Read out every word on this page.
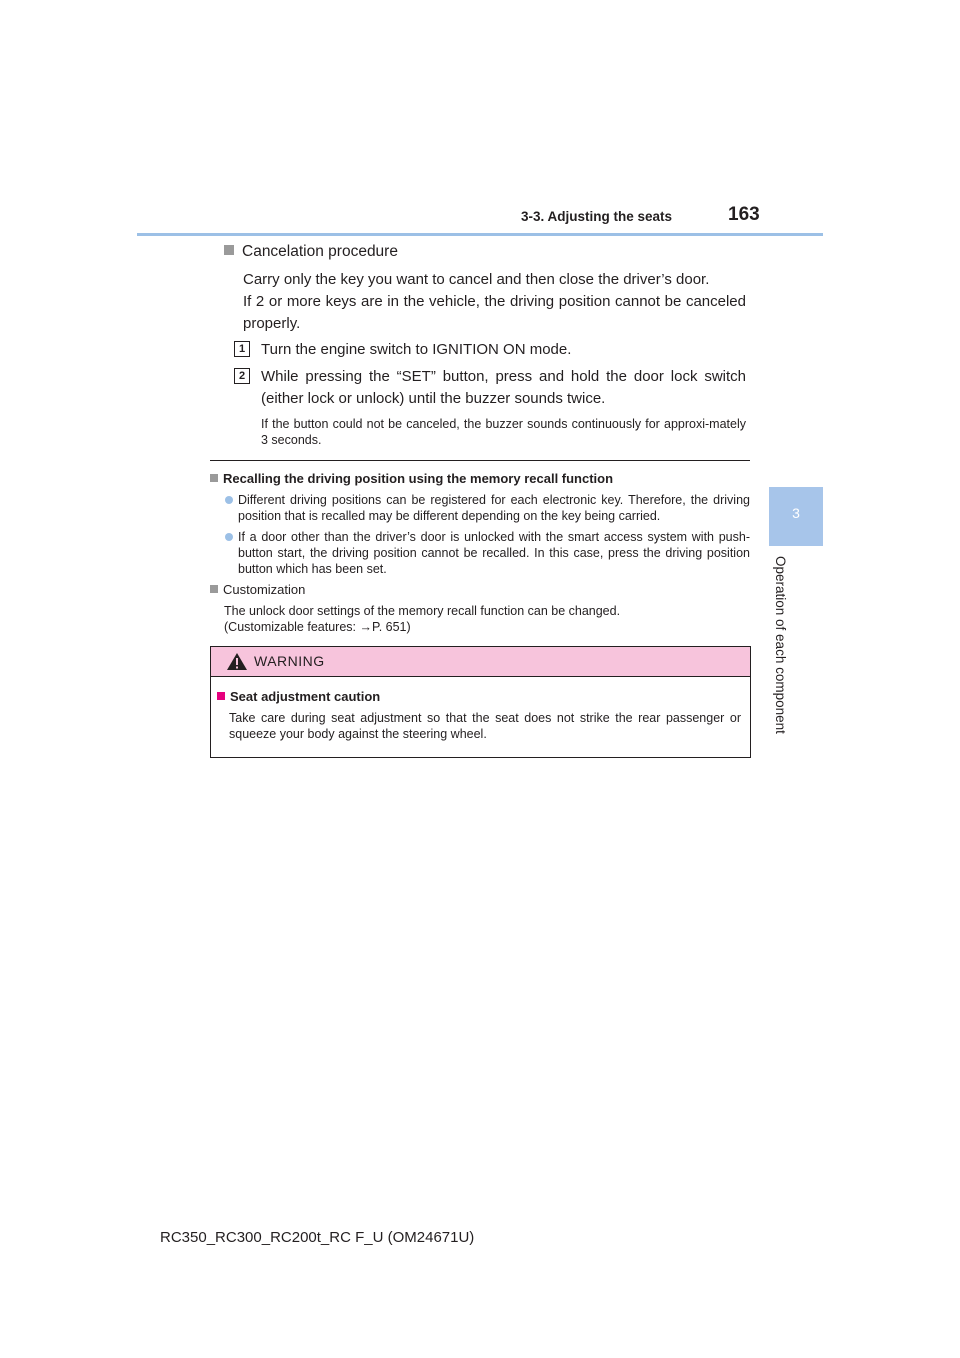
3-3. Adjusting the seats	163
3
Operation of each component
Cancelation procedure
Carry only the key you want to cancel and then close the driver’s door.
If 2 or more keys are in the vehicle, the driving position cannot be canceled properly.
1	Turn the engine switch to IGNITION ON mode.
2	While pressing the “SET” button, press and hold the door lock switch (either lock or unlock) until the buzzer sounds twice.
If the button could not be canceled, the buzzer sounds continuously for approxi-mately 3 seconds.
Recalling the driving position using the memory recall function
Different driving positions can be registered for each electronic key. Therefore, the driving position that is recalled may be different depending on the key being carried.
If a door other than the driver’s door is unlocked with the smart access system with push-button start, the driving position cannot be recalled. In this case, press the driving position button which has been set.
Customization
The unlock door settings of the memory recall function can be changed.
(Customizable features: →P. 651)
WARNING
Seat adjustment caution
Take care during seat adjustment so that the seat does not strike the rear passenger or squeeze your body against the steering wheel.
RC350_RC300_RC200t_RC F_U (OM24671U)
